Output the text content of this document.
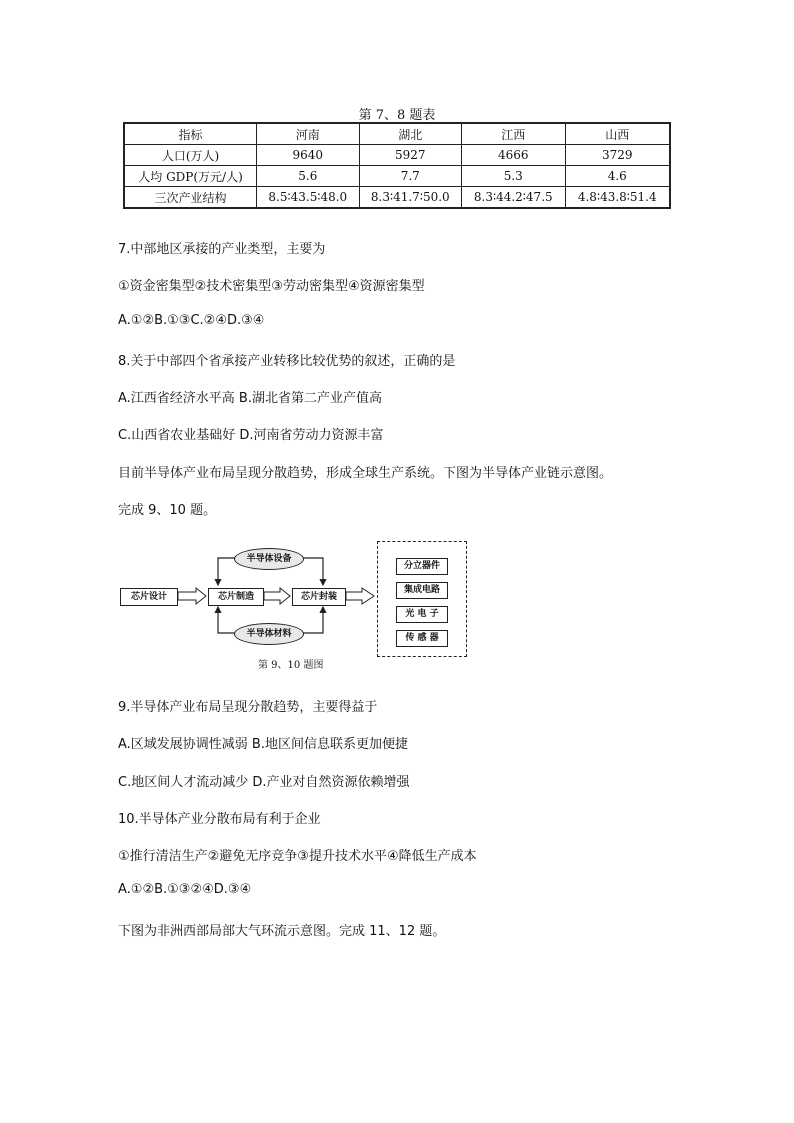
第 7、8 题表
指标	河南	湖北	江西	山西
人口(万人)	9640	5927	4666	3729
人均 GDP(万元/人)	5.6	7.7	5.3	4.6
三次产业结构	8.5∶43.5∶48.0	8.3∶41.7∶50.0	8.3∶44.2∶47.5	4.8∶43.8∶51.4
7.中部地区承接的产业类型，主要为
①资金密集型②技术密集型③劳动密集型④资源密集型
A.①②B.①③C.②④D.③④
8.关于中部四个省承接产业转移比较优势的叙述，正确的是
A.江西省经济水平高 B.湖北省第二产业产值高
C.山西省农业基础好 D.河南省劳动力资源丰富
目前半导体产业布局呈现分散趋势，形成全球生产系统。下图为半导体产业链示意图。
完成 9、10 题。
芯片设计	芯片制造	芯片封装
半导体设备
半导体材料
第 9、10 题图
分立器件
集成电路
光 电 子
传 感 器
9.半导体产业布局呈现分散趋势，主要得益于
A.区域发展协调性减弱 B.地区间信息联系更加便捷
C.地区间人才流动减少 D.产业对自然资源依赖增强
10.半导体产业分散布局有利于企业
①推行清洁生产②避免无序竞争③提升技术水平④降低生产成本
A.①②B.①③②④D.③④
下图为非洲西部局部大气环流示意图。完成 11、12 题。
